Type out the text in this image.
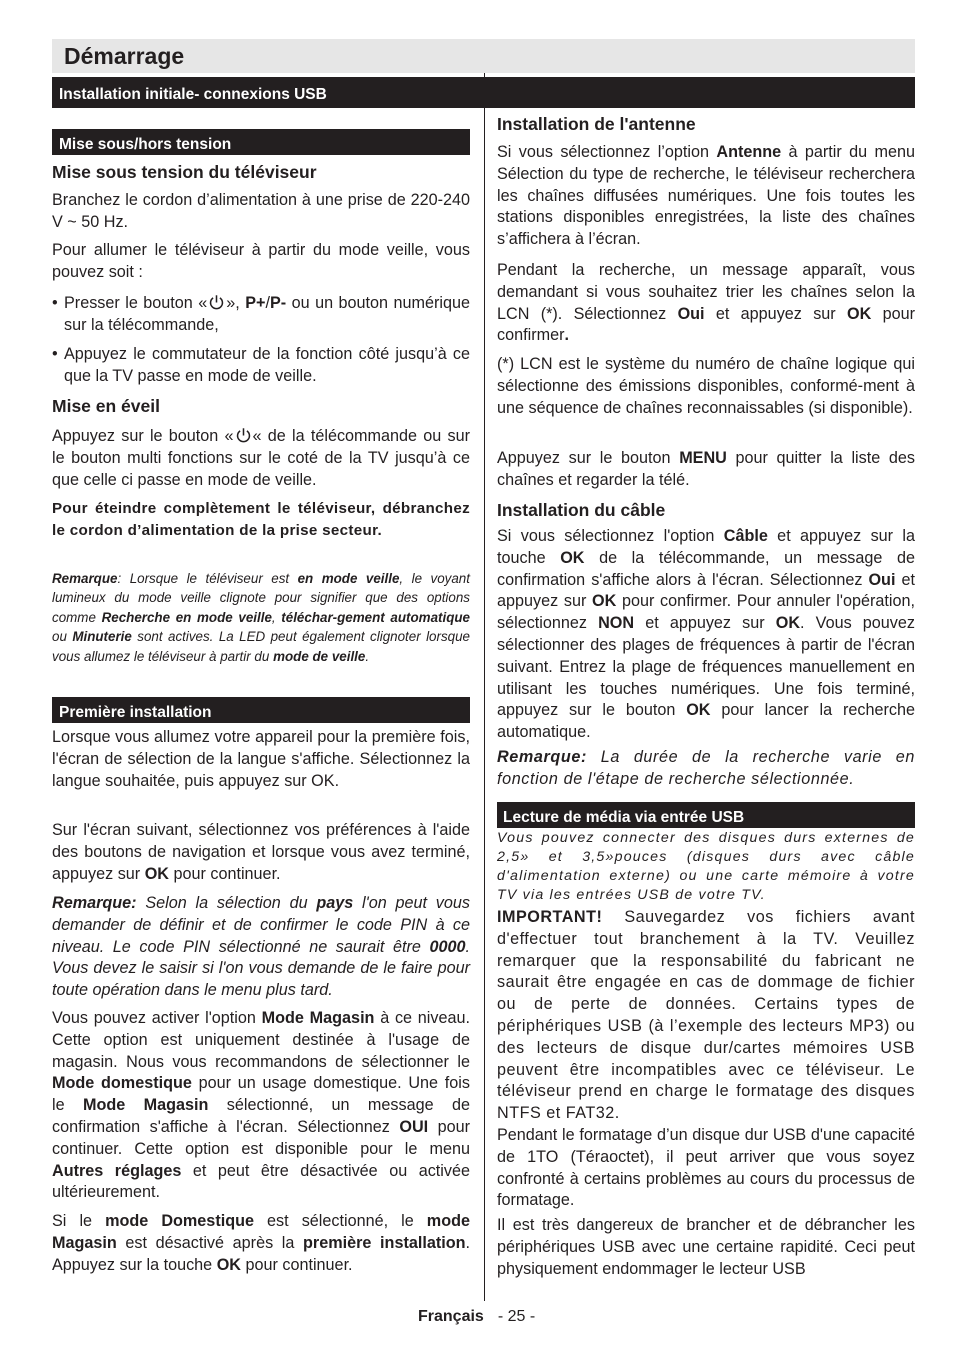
Démarrage
Installation initiale- connexions USB
Mise sous/hors tension
Mise sous tension du téléviseur

Branchez le cordon d’alimentation à une prise de 220-240 V ~ 50 Hz.

Pour allumer le téléviseur à partir du mode veille, vous pouvez soit :

• Presser le bouton « », P+/P- ou un bouton numérique sur la télécommande,

• Appuyez le commutateur de la fonction côté jusqu’à ce que la TV passe en mode de veille.

Mise en éveil

Appuyez sur le bouton « « de la télécommande ou sur le bouton multi fonctions sur le coté de la TV jusqu’à ce que celle ci passe en mode de veille.

Pour éteindre complètement le téléviseur, débranchez le cordon d’alimentation de la prise secteur.

Remarque: Lorsque le téléviseur est en mode veille, le voyant lumineux du mode veille clignote pour signifier que des options comme Recherche en mode veille, téléchar-gement automatique ou Minuterie sont actives. La LED peut également clignoter lorsque vous allumez le téléviseur à partir du mode de veille.

Première installation

Lorsque vous allumez votre appareil pour la première fois, l'écran de sélection de la langue s'affiche. Sélectionnez la langue souhaitée, puis appuyez sur OK.

Sur l'écran suivant, sélectionnez vos préférences à l'aide des boutons de navigation et lorsque vous avez terminé, appuyez sur OK pour continuer.

Remarque: Selon la sélection du pays l'on peut vous demander de définir et de confirmer le code PIN à ce niveau. Le code PIN sélectionné ne saurait être 0000. Vous devez le saisir si l'on vous demande de le faire pour toute opération dans le menu plus tard.

Vous pouvez activer l'option Mode Magasin à ce niveau. Cette option est uniquement destinée à l'usage de magasin. Nous vous recommandons de sélectionner le Mode domestique pour un usage domestique. Une fois le Mode Magasin sélectionné, un message de confirmation s'affiche à l'écran. Sélectionnez OUI pour continuer. Cette option est disponible pour le menu Autres réglages et peut être désactivée ou activée ultérieurement.

Si le mode Domestique est sélectionné, le mode Magasin est désactivé après la première installation. Appuyez sur la touche OK pour continuer.

Installation de l'antenne

Si vous sélectionnez l’option Antenne à partir du menu Sélection du type de recherche, le téléviseur recherchera les chaînes diffusées numériques. Une fois toutes les stations disponibles enregistrées, la liste des chaînes s’affichera à l’écran.

Pendant la recherche, un message apparaît, vous demandant si vous souhaitez trier les chaînes selon la LCN (*). Sélectionnez Oui et appuyez sur OK pour confirmer.

(*) LCN est le système du numéro de chaîne logique qui sélectionne des émissions disponibles, conformé-ment à une séquence de chaînes reconnaissables (si disponible).

Appuyez sur le bouton MENU pour quitter la liste des chaînes et regarder la télé.

Installation du câble

Si vous sélectionnez l'option Câble et appuyez sur la touche OK de la télécommande, un message de confirmation s'affiche alors à l'écran. Sélectionnez Oui et appuyez sur OK pour confirmer. Pour annuler l'opération, sélectionnez NON et appuyez sur OK. Vous pouvez sélectionner des plages de fréquences à partir de l'écran suivant. Entrez la plage de fréquences manuellement en utilisant les touches numériques. Une fois terminé, appuyez sur le bouton OK pour lancer la recherche automatique.

Remarque: La durée de la recherche varie en fonction de l'étape de recherche sélectionnée.

Lecture de média via entrée USB

Vous pouvez connecter des disques durs externes de 2,5» et 3,5»pouces (disques durs avec câble d'alimentation externe) ou une carte mémoire à votre TV via les entrées USB de votre TV.

IMPORTANT! Sauvegardez vos fichiers avant d'effectuer tout branchement à la TV. Veuillez remarquer que la responsabilité du fabricant ne saurait être engagée en cas de dommage de fichier ou de perte de données. Certains types de périphériques USB (à l’exemple des lecteurs MP3) ou des lecteurs de disque dur/cartes mémoires USB peuvent être incompatibles avec ce téléviseur. Le téléviseur prend en charge le formatage des disques NTFS et FAT32.

Pendant le formatage d’un disque dur USB d'une capacité de 1TO (Téraoctet), il peut arriver que vous soyez confronté à certains problèmes au cours du processus de formatage.

Il est très dangereux de brancher et de débrancher les périphériques USB avec une certaine rapidité. Ceci peut physiquement endommager le lecteur USB

Français - 25 -
